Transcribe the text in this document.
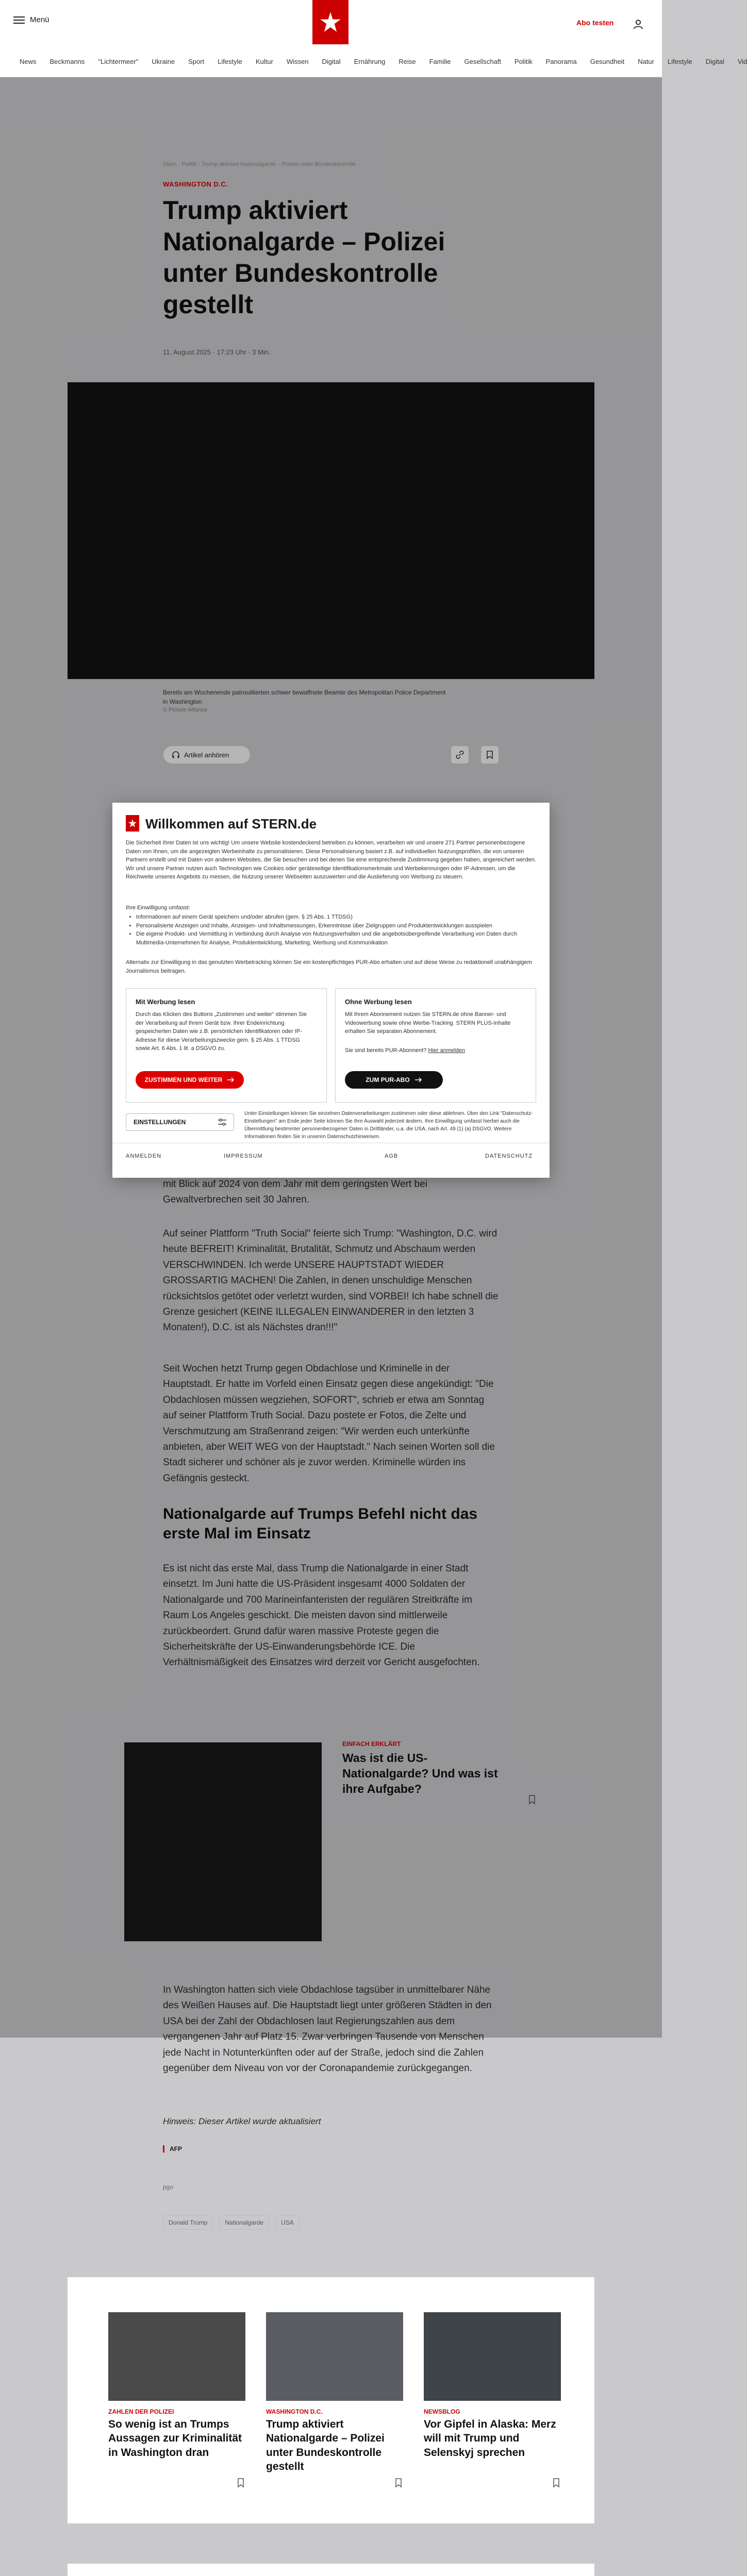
Menü	Abo testen
News Beckmanns "Lichtermeer" Ukraine Sport Lifestyle Kultur Wissen Digital Ernährung Reise Familie Gesellschaft Politik Panorama Gesundheit Natur Lifestyle Digital Vid
Stern · Politik · Trump aktiviert Nationalgarde – Polizei unter Bundeskontrolle
WASHINGTON D.C.
Trump aktiviert Nationalgarde – Polizei unter Bundeskontrolle gestellt
11. August 2025 · 17:23 Uhr · 3 Min.
Bereits am Wochenende patrouillierten schwer bewaffnete Beamte des Metropolitan Police Department in Washington
© Picture Alliance
Artikel anhören

mit Blick auf 2024 von dem Jahr mit dem geringsten Wert bei Gewaltverbrechen seit 30 Jahren.

Auf seiner Plattform "Truth Social" feierte sich Trump: "Washington, D.C. wird heute BEFREIT! Kriminalität, Brutalität, Schmutz und Abschaum werden VERSCHWINDEN. Ich werde UNSERE HAUPTSTADT WIEDER GROSSARTIG MACHEN! Die Zahlen, in denen unschuldige Menschen rücksichtslos getötet oder verletzt wurden, sind VORBEI! Ich habe schnell die Grenze gesichert (KEINE ILLEGALEN EINWANDERER in den letzten 3 Monaten!), D.C. ist als Nächstes dran!!!"

Seit Wochen hetzt Trump gegen Obdachlose und Kriminelle in der Hauptstadt. Er hatte im Vorfeld einen Einsatz gegen diese angekündigt: "Die Obdachlosen müssen wegziehen, SOFORT", schrieb er etwa am Sonntag auf seiner Plattform Truth Social. Dazu postete er Fotos, die Zelte und Verschmutzung am Straßenrand zeigen: "Wir werden euch unterkünfte anbieten, aber WEIT WEG von der Hauptstadt." Nach seinen Worten soll die Stadt sicherer und schöner als je zuvor werden. Kriminelle würden ins Gefängnis gesteckt.

Nationalgarde auf Trumps Befehl nicht das erste Mal im Einsatz

Es ist nicht das erste Mal, dass Trump die Nationalgarde in einer Stadt einsetzt. Im Juni hatte die US-Präsident insgesamt 4000 Soldaten der Nationalgarde und 700 Marineinfanteristen der regulären Streitkräfte im Raum Los Angeles geschickt. Die meisten davon sind mittlerweile zurückbeordert. Grund dafür waren massive Proteste gegen die Sicherheitskräfte der US-Einwanderungsbehörde ICE. Die Verhältnismäßigkeit des Einsatzes wird derzeit vor Gericht ausgefochten.

EINFACH ERKLÄRT
Was ist die US-Nationalgarde? Und was ist ihre Aufgabe?

In Washington hatten sich viele Obdachlose tagsüber in unmittelbarer Nähe des Weißen Hauses auf. Die Hauptstadt liegt unter größeren Städten in den USA bei der Zahl der Obdachlosen laut Regierungszahlen aus dem vergangenen Jahr auf Platz 15. Zwar verbringen Tausende von Menschen jede Nacht in Notunterkünften oder auf der Straße, jedoch sind die Zahlen gegenüber dem Niveau von vor der Coronapandemie zurückgegangen.

Willkommen auf STERN.de

Die Sicherheit Ihrer Daten ist uns wichtig! Um unsere Website kostendeckend betreiben zu können, verarbeiten wir und unsere 271 Partner personenbezogene Daten von Ihnen, um die angezeigten Werbeinhalte zu personalisieren. Diese Personalisierung basiert z.B. auf individuellen Nutzungsprofilen, die von unseren Partnern erstellt und mit Daten von anderen Websites, die Sie besuchen und bei denen Sie eine entsprechende Zustimmung gegeben haben, angereichert werden. Wir und unsere Partner nutzen auch Technologien wie Cookies oder geräteseitige Identifikationsmerkmale und Werbekennungen oder IP-Adressen, um die Reichweite unseres Angebots zu messen, die Nutzung unserer Webseiten auszuwerten und die Auslieferung von Werbung zu steuern.

Ihre Einwilligung umfasst:
• Informationen auf einem Gerät speichern und/oder abrufen (gem. § 25 Abs. 1 TTDSG)
• Personalisierte Anzeigen und Inhalte, Anzeigen- und Inhaltsmessungen, Erkenntnisse über Zielgruppen und Produktentwicklungen ausspielen
• Die eigene Produkt- und Vermittlung in Verbindung durch Analyse von Nutzungsverhalten und die angebotsübergreifende Verarbeitung von Daten durch Multimedia-Unternehmen für Analyse, Produktentwicklung, Marketing, Werbung und Kommunikation

Alternativ zur Einwilligung in das genutzten Werbetracking können Sie ein kostenpflichtiges PUR-Abo erhalten und auf diese Weise zu redaktionell unabhängigem Journalismus beitragen.

Mit Werbung lesen

Durch das Klicken des Buttons „Zustimmen und weiter“ stimmen Sie der Verarbeitung auf Ihrem Gerät bzw. Ihrer Endeinrichtung gespeicherten Daten wie z.B. persönlichen Identifikatoren oder IP-Adresse für diese Verarbeitungszwecke gem. § 25 Abs. 1 TTDSG sowie Art. 6 Abs. 1 lit. a DSGVO zu.

ZUSTIMMEN UND WEITER
Ohne Werbung lesen

Mit Ihrem Abonnement nutzen Sie STERN.de ohne Banner- und Videowerbung sowie ohne Werbe-Tracking. STERN PLUS-Inhalte erhalten Sie separaten Abonnement.

Sie sind bereits PUR-Abonnent? Hier anmelden
ZUM PUR-ABO
EINSTELLUNGEN

Unter Einstellungen können Sie einzelnen Datenverarbeitungen zustimmen oder diese ablehnen. Über den Link "Datenschutz-Einstellungen" am Ende jeder Seite können Sie Ihre Auswahl jederzeit ändern. Ihre Einwilligung umfasst hierbei auch die Übermittlung bestimmter personenbezogener Daten in Drittländer, u.a. die USA, nach Art. 49 (1) (a) DSGVO. Weitere Informationen finden Sie in unseren Datenschutzhinweisen.

ANMELDEN	IMPRESSUM	AGB	DATENSCHUTZ

Hinweis: Dieser Artikel wurde aktualisiert

AFP
pgo
Donald Trump	Nationalgarde	USA
ZAHLEN DER POLIZEI
So wenig ist an Trumps Aussagen zur Kriminalität in Washington dran
WASHINGTON D.C.
Trump aktiviert Nationalgarde – Polizei unter Bundeskontrolle gestellt
NEWSBLOG
Vor Gipfel in Alaska: Merz will mit Trump und Selenskyj sprechen
